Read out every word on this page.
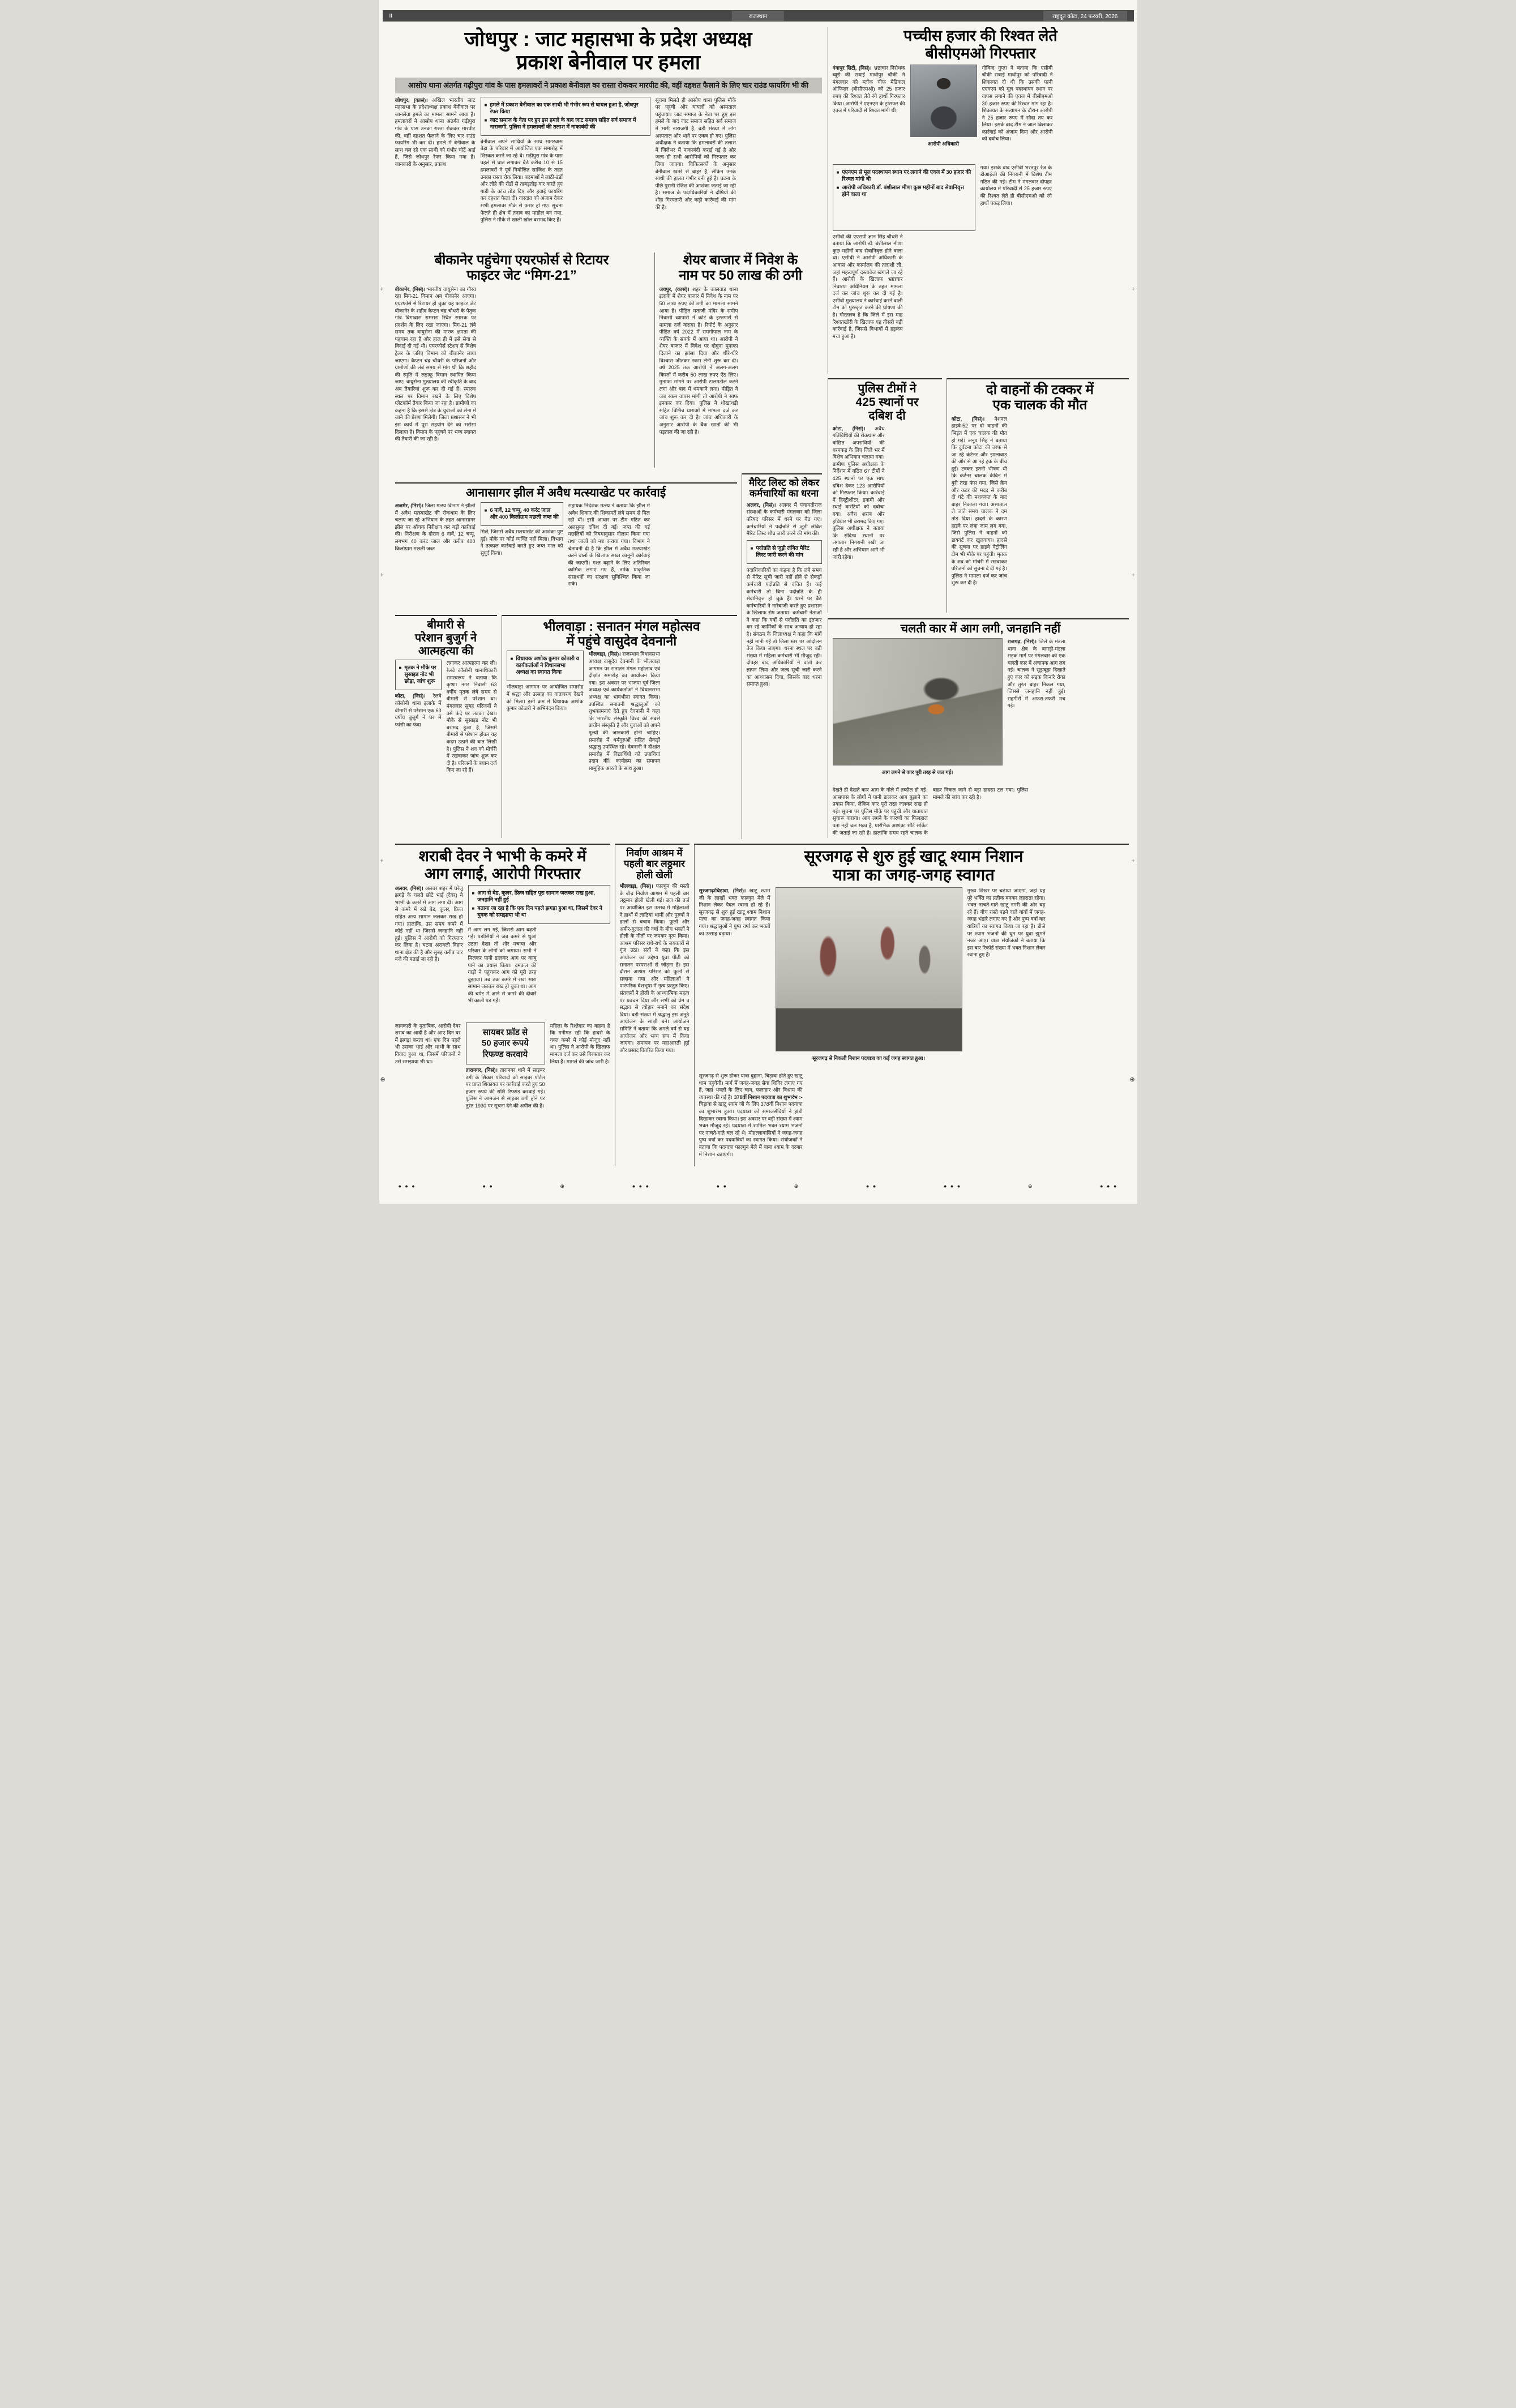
II	राजस्थान	राष्ट्रदूत कोटा, 24 फरवरी, 2026
जोधपुर : जाट महासभा के प्रदेश अध्यक्ष
प्रकाश बेनीवाल पर हमला
आसोप थाना अंतर्गत गढ़ीपुरा गांव के पास हमलावरों ने प्रकाश बेनीवाल का रास्ता रोककर मारपीट की, वहीं दहशत फैलाने के लिए चार राउंड फायरिंग भी की
जोधपुर, (कासं)। अखिल भारतीय जाट महासभा के प्रदेशाध्यक्ष प्रकाश बेनीवाल पर जानलेवा हमले का मामला सामने आया है। हमलावरों ने आसोप थाना अंतर्गत गढ़ीपुरा गांव के पास उनका रास्ता रोककर मारपीट की, वहीं दहशत फैलाने के लिए चार राउंड फायरिंग भी कर दी। हमले में बेनीवाल के साथ चल रहे एक साथी को गंभीर चोटें आई हैं, जिसे जोधपुर रेफर किया गया है। जानकारी के अनुसार, प्रकाश
■
हमले में प्रकाश बेनीवाल का एक साथी भी गंभीर रूप से घायल हुआ है, जोधपुर रेफर किया
■
जाट समाज के नेता पर हुए इस हमले के बाद जाट समाज सहित सर्व समाज में नाराजगी, पुलिस ने हमलावरों की तलाश में नाकाबंदी की
बेनीवाल अपने साथियों के साथ सागरवास बेड़ा के परिवार में आयोजित एक समारोह में शिरकत करने जा रहे थे। गढ़ीपुरा गांव के पास पहले से घात लगाकर बैठे करीब 10 से 15 हमलावरों ने पूर्व नियोजित साजिश के तहत उनका रास्ता रोक लिया। बदमाशों ने लाठी-डंडों और लोहे की रॉडों से ताबड़तोड़ वार करते हुए गाड़ी के कांच तोड़ दिए और हवाई फायरिंग कर दहशत फैला दी। वारदात को अंजाम देकर सभी हमलावर मौके से फरार हो गए। सूचना फैलते ही क्षेत्र में तनाव का माहौल बन गया, पुलिस ने मौके से खाली खोल बरामद किए हैं।
सूचना मिलते ही आसोप थाना पुलिस मौके पर पहुंची और घायलों को अस्पताल पहुंचाया। जाट समाज के नेता पर हुए इस हमले के बाद जाट समाज सहित सर्व समाज में भारी नाराजगी है, बड़ी संख्या में लोग अस्पताल और थाने पर एकत्र हो गए। पुलिस अधीक्षक ने बताया कि हमलावरों की तलाश में जिलेभर में नाकाबंदी कराई गई है और जल्द ही सभी आरोपियों को गिरफ्तार कर लिया जाएगा। चिकित्सकों के अनुसार बेनीवाल खतरे से बाहर हैं, लेकिन उनके साथी की हालत गंभीर बनी हुई है। घटना के पीछे पुरानी रंजिश की आशंका जताई जा रही है। समाज के पदाधिकारियों ने दोषियों की शीघ्र गिरफ्तारी और कड़ी कार्रवाई की मांग की है।
पच्चीस हजार की रिश्वत लेते
बीसीएमओ गिरफ्तार
गंगापुर सिटी, (निसं)। भ्रष्टाचार निरोधक ब्यूरो की सवाई माधोपुर चौकी ने मंगलवार को ब्लॉक चीफ मेडिकल ऑफिसर (बीसीएमओ) को 25 हजार रुपए की रिश्वत लेते रंगे हाथों गिरफ्तार किया। आरोपी ने एएनएम के ट्रांसफर की एवज में परिवादी से रिश्वत मांगी थी।
आरोपी अधिकारी
गोविन्द गुप्ता ने बताया कि एसीबी चौकी सवाई माधोपुर को परिवादी ने शिकायत दी थी कि उसकी पत्नी एएनएम को मूल पदस्थापन स्थान पर वापस लगाने की एवज में बीसीएमओ 30 हजार रुपए की रिश्वत मांग रहा है। शिकायत के सत्यापन के दौरान आरोपी ने 25 हजार रुपए में सौदा तय कर लिया। इसके बाद टीम ने जाल बिछाकर कार्रवाई को अंजाम दिया और आरोपी को दबोच लिया।
■
एएनएम से मूल पदस्थापन स्थान पर लगाने की एवज में 30 हजार की रिश्वत मांगी थी
■
आरोपी अधिकारी डॉ. बंशीलाल मीणा कुछ महीनों बाद सेवानिवृत्त होने वाला था
गया। इसके बाद एसीबी भरतपुर रेंज के डीआईजी की निगरानी में विशेष टीम गठित की गई। टीम ने मंगलवार दोपहर कार्यालय में परिवादी से 25 हजार रुपए की रिश्वत लेते ही बीसीएमओ को रंगे हाथों पकड़ लिया।
एसीबी की एएसपी ज्ञान सिंह चौधरी ने बताया कि आरोपी डॉ. बंशीलाल मीणा कुछ महीनों बाद सेवानिवृत्त होने वाला था। एसीबी ने आरोपी अधिकारी के आवास और कार्यालय की तलाशी ली, जहां महत्वपूर्ण दस्तावेज खंगाले जा रहे हैं। आरोपी के खिलाफ भ्रष्टाचार निवारण अधिनियम के तहत मामला दर्ज कर जांच शुरू कर दी गई है। एसीबी मुख्यालय ने कार्रवाई करने वाली टीम को पुरस्कृत करने की घोषणा की है। गौरतलब है कि जिले में इस माह रिश्वतखोरी के खिलाफ यह तीसरी बड़ी कार्रवाई है, जिससे विभागों में हड़कंप मचा हुआ है।
बीकानेर पहुंचेगा एयरफोर्स से रिटायर
फाइटर जेट “मिग-21”
बीकानेर, (निसं)। भारतीय वायुसेना का गौरव रहा मिग-21 विमान अब बीकानेर आएगा। एयरफोर्स से रिटायर हो चुका यह फाइटर जेट बीकानेर के शहीद कैप्टन चंद्र चौधरी के पैतृक गांव बिगावास रामसरा स्थित स्मारक पर प्रदर्शन के लिए रखा जाएगा। मिग-21 लंबे समय तक वायुसेना की मारक क्षमता की पहचान रहा है और हाल ही में इसे सेवा से विदाई दी गई थी। एयरफोर्स स्टेशन से विशेष ट्रेलर के जरिए विमान को बीकानेर लाया जाएगा। कैप्टन चंद्र चौधरी के परिजनों और ग्रामीणों की लंबे समय से मांग थी कि शहीद की स्मृति में लड़ाकू विमान स्थापित किया जाए। वायुसेना मुख्यालय की स्वीकृति के बाद अब तैयारियां शुरू कर दी गई हैं। स्मारक स्थल पर विमान रखने के लिए विशेष प्लेटफॉर्म तैयार किया जा रहा है। ग्रामीणों का कहना है कि इससे क्षेत्र के युवाओं को सेना में जाने की प्रेरणा मिलेगी। जिला प्रशासन ने भी इस कार्य में पूरा सहयोग देने का भरोसा दिलाया है। विमान के पहुंचने पर भव्य स्वागत की तैयारी की जा रही है।
शेयर बाजार में निवेश के
नाम पर 50 लाख की ठगी
जयपुर, (कासं)। शहर के कालवाड़ थाना इलाके में शेयर बाजार में निवेश के नाम पर 50 लाख रुपए की ठगी का मामला सामने आया है। पीड़ित मताजी मंदिर के समीप निवासी व्यापारी ने कोर्ट के इस्तगासे से मामला दर्ज कराया है। रिपोर्ट के अनुसार पीड़ित वर्ष 2022 में रामगोपाल नाम के व्यक्ति के संपर्क में आया था। आरोपी ने शेयर बाजार में निवेश पर दोगुना मुनाफा दिलाने का झांसा दिया और धीरे-धीरे विश्वास जीतकर रकम लेनी शुरू कर दी। वर्ष 2025 तक आरोपी ने अलग-अलग किस्तों में करीब 50 लाख रुपए ऐंठ लिए। मुनाफा मांगने पर आरोपी टालमटोल करने लगा और बाद में धमकाने लगा। पीड़ित ने जब रकम वापस मांगी तो आरोपी ने साफ इनकार कर दिया। पुलिस ने धोखाधड़ी सहित विभिन्न धाराओं में मामला दर्ज कर जांच शुरू कर दी है। जांच अधिकारी के अनुसार आरोपी के बैंक खातों की भी पड़ताल की जा रही है।
पुलिस टीमों ने
425 स्थानों पर
दबिश दी
कोटा, (निसं)। अवैध गतिविधियों की रोकथाम और वांछित अपराधियों की धरपकड़ के लिए जिले भर में विशेष अभियान चलाया गया। ग्रामीण पुलिस अधीक्षक के निर्देशन में गठित 67 टीमों ने 425 स्थानों पर एक साथ दबिश देकर 123 आरोपियों को गिरफ्तार किया। कार्रवाई में हिस्ट्रीशीटर, इनामी और स्थाई वारंटियों को दबोचा गया। अवैध शराब और हथियार भी बरामद किए गए। पुलिस अधीक्षक ने बताया कि संदिग्ध स्थानों पर लगातार निगरानी रखी जा रही है और अभियान आगे भी जारी रहेगा।
दो वाहनों की टक्कर में
एक चालक की मौत
कोटा, (निसं)। नेशनल हाइवे-52 पर दो वाहनों की भिड़ंत में एक चालक की मौत हो गई। अनूप सिंह ने बताया कि दुर्घटना कोटा की तरफ से जा रहे कंटेनर और झालावाड़ की ओर से आ रहे ट्रक के बीच हुई। टक्कर इतनी भीषण थी कि कंटेनर चालक केबिन में बुरी तरह फंस गया, जिसे क्रेन और कटर की मदद से करीब दो घंटे की मशक्कत के बाद बाहर निकाला गया। अस्पताल ले जाते समय चालक ने दम तोड़ दिया। हादसे के कारण हाइवे पर लंबा जाम लग गया, जिसे पुलिस ने वाहनों को डायवर्ट कर खुलवाया। हादसे की सूचना पर हाइवे पेट्रोलिंग टीम भी मौके पर पहुंची। मृतक के शव को मोर्चरी में रखवाकर परिजनों को सूचना दे दी गई है। पुलिस ने मामला दर्ज कर जांच शुरू कर दी है।
आनासागर झील में अवैध मत्स्याखेट पर कार्रवाई
अजमेर, (निसं)। जिला मत्स्य विभाग ने झीलों में अवैध मत्स्याखेट की रोकथाम के लिए चलाए जा रहे अभियान के तहत आनासागर झील पर औचक निरीक्षण कर बड़ी कार्रवाई की। निरीक्षण के दौरान 6 नावें, 12 चप्पू, लगभग 40 करंट जाल और करीब 400 किलोग्राम मछली जब्त
■
6 नावें, 12 चप्पू, 40 करंट जाल और 400 किलोग्राम मछली जब्त की
मिले, जिससे अवैध मत्स्याखेट की आशंका पुष्ट हुई। मौके पर कोई व्यक्ति नहीं मिला। विभाग ने तत्काल कार्रवाई करते हुए जब्त माल को सुपुर्द किया।
सहायक निदेशक मत्स्य ने बताया कि झील में अवैध शिकार की शिकायतें लंबे समय से मिल रही थीं। इसी आधार पर टीम गठित कर अलसुबह दबिश दी गई। जब्त की गई मछलियों को नियमानुसार नीलाम किया गया तथा जालों को नष्ट कराया गया। विभाग ने चेतावनी दी है कि झील में अवैध मत्स्याखेट करने वालों के खिलाफ सख्त कानूनी कार्रवाई की जाएगी। गश्त बढ़ाने के लिए अतिरिक्त कार्मिक लगाए गए हैं, ताकि प्राकृतिक संसाधनों का संरक्षण सुनिश्चित किया जा सके।
मैरिट लिस्ट को लेकर
कर्मचारियों का धरना
अलवर, (निसं)। अलवर में पंचायतीराज संस्थाओं के कर्मचारी मंगलवार को जिला परिषद परिसर में धरने पर बैठ गए। कर्मचारियों ने पदोन्नति से जुड़ी लंबित मैरिट लिस्ट शीघ्र जारी करने की मांग की।
■
पदोन्नति से जुड़ी लंबित मैरिट लिस्ट जारी करने की मांग
पदाधिकारियों का कहना है कि लंबे समय से मैरिट सूची जारी नहीं होने से सैकड़ों कर्मचारी पदोन्नति से वंचित हैं। कई कर्मचारी तो बिना पदोन्नति के ही सेवानिवृत्त हो चुके हैं। धरने पर बैठे कर्मचारियों ने नारेबाजी करते हुए प्रशासन के खिलाफ रोष जताया। कर्मचारी नेताओं ने कहा कि वर्षों से पदोन्नति का इंतजार कर रहे कार्मिकों के साथ अन्याय हो रहा है। संगठन के जिलाध्यक्ष ने कहा कि मांगें नहीं मानी गईं तो जिला स्तर पर आंदोलन तेज किया जाएगा। धरना स्थल पर बड़ी संख्या में महिला कर्मचारी भी मौजूद रहीं। दोपहर बाद अधिकारियों ने वार्ता कर ज्ञापन लिया और जल्द सूची जारी करने का आश्वासन दिया, जिसके बाद धरना समाप्त हुआ।
बीमारी से
परेशान बुजुर्ग ने
आत्महत्या की
■
मृतक ने मौके पर सुसाइड नोट भी छोड़ा, जांच शुरू
कोटा, (निसं)। रेलवे कॉलोनी थाना इलाके में बीमारी से परेशान एक 63 वर्षीय बुजुर्ग ने घर में फांसी का फंदा
लगाकर आत्महत्या कर ली। रेलवे कॉलोनी थानाधिकारी रामस्वरूप ने बताया कि कृष्णा नगर निवासी 63 वर्षीय मृतक लंबे समय से बीमारी से परेशान था। मंगलवार सुबह परिजनों ने उसे फंदे पर लटका देखा। मौके से सुसाइड नोट भी बरामद हुआ है, जिसमें बीमारी से परेशान होकर यह कदम उठाने की बात लिखी है। पुलिस ने शव को मोर्चरी में रखवाकर जांच शुरू कर दी है। परिजनों के बयान दर्ज किए जा रहे हैं।
भीलवाड़ा : सनातन मंगल महोत्सव
में पहुंचे वासुदेव देवनानी
■
विधायक अशोक कुमार कोठारी व कार्यकर्ताओं ने विधानसभा अध्यक्ष का स्वागत किया
भीलवाड़ा आगमन पर आयोजित समारोह में श्रद्धा और उत्साह का वातावरण देखने को मिला। इसी क्रम में विधायक अशोक कुमार कोठारी ने अभिनंदन किया।
भीलवाड़ा, (निसं)। राजस्थान विधानसभा अध्यक्ष वासुदेव देवनानी के भीलवाड़ा आगमन पर सनातन मंगल महोत्सव एवं दीक्षांत समारोह का आयोजन किया गया। इस अवसर पर भाजपा पूर्व जिला अध्यक्ष एवं कार्यकर्ताओं ने विधानसभा अध्यक्ष का भावभीना स्वागत किया। उपस्थित सनातनी श्रद्धालुओं को शुभकामनाएं देते हुए देवनानी ने कहा कि भारतीय संस्कृति विश्व की सबसे प्राचीन संस्कृति है और युवाओं को अपने मूल्यों की जानकारी होनी चाहिए। समारोह में धर्मगुरुओं सहित सैकड़ों श्रद्धालु उपस्थित रहे। देवनानी ने दीक्षांत समारोह में विद्यार्थियों को उपाधियां प्रदान कीं। कार्यक्रम का समापन सामूहिक आरती के साथ हुआ।
चलती कार में आग लगी, जनहानि नहीं
आग लगने से कार पूरी तरह से जल गई।
राजगढ़, (निसं)। जिले के मंडला थाना क्षेत्र के बागड़ी-मंडला सड़क मार्ग पर मंगलवार को एक चलती कार में अचानक आग लग गई। चालक ने सूझबूझ दिखाते हुए कार को सड़क किनारे रोका और तुरंत बाहर निकल गया, जिससे जनहानि नहीं हुई। राहगीरों में अफरा-तफरी मच गई।
देखते ही देखते कार आग के गोले में तब्दील हो गई। आसपास के लोगों ने पानी डालकर आग बुझाने का प्रयास किया, लेकिन कार पूरी तरह जलकर राख हो गई। सूचना पर पुलिस मौके पर पहुंची और यातायात सुचारू कराया। आग लगने के कारणों का फिलहाल पता नहीं चल सका है, प्रारंभिक आशंका शॉर्ट सर्किट की जताई जा रही है। हालांकि समय रहते चालक के बाहर निकल जाने से बड़ा हादसा टल गया। पुलिस मामले की जांच कर रही है।
शराबी देवर ने भाभी के कमरे में
आग लगाई, आरोपी गिरफ्तार
अलवर, (निसं)। अलवर शहर में घरेलू झगड़े के चलते छोटे भाई (देवर) ने भाभी के कमरे में आग लगा दी। आग से कमरे में रखे बेड, कूलर, फ्रिज सहित अन्य सामान जलकर राख हो गया। हालांकि, उस समय कमरे में कोई नहीं था जिससे जनहानि नहीं हुई। पुलिस ने आरोपी को गिरफ्तार कर लिया है। घटना अरावली विहार थाना क्षेत्र की है और सुबह करीब चार बजे की बताई जा रही है।
■
आग से बेड, कूलर, फ्रिज सहित पूरा सामान जलकर राख हुआ, जनहानि नहीं हुई
■
बताया जा रहा है कि एक दिन पहले झगड़ा हुआ था, जिसमें देवर ने युवक को समझाया भी था
में आग लग गई, जिससे आग बढ़ती गई। पड़ोसियों ने जब कमरे से धुआं उठता देखा तो शोर मचाया और परिवार के लोगों को जगाया। सभी ने मिलकर पानी डालकर आग पर काबू पाने का प्रयास किया। दमकल की गाड़ी ने पहुंचकर आग को पूरी तरह बुझाया। तब तक कमरे में रखा सारा सामान जलकर राख हो चुका था। आग की चपेट में आने से कमरे की दीवारें भी काली पड़ गईं।
जानकारी के मुताबिक, आरोपी देवर शराब का आदी है और आए दिन घर में झगड़ा करता था। एक दिन पहले भी उसका भाई और भाभी के साथ विवाद हुआ था, जिसमें परिजनों ने उसे समझाया भी था।
सायबर फ्रॉड से
50 हजार रूपये
रिफण्ड करवाये
तारानगर, (निसं)। तारानगर थाने में साइबर ठगी के शिकार परिवादी को साइबर पोर्टल पर प्राप्त शिकायत पर कार्रवाई करते हुए 50 हजार रुपये की राशि रिफण्ड करवाई गई। पुलिस ने आमजन से साइबर ठगी होने पर तुरंत 1930 पर सूचना देने की अपील की है।
महिला के रिश्तेदार का कहना है कि गनीमत रही कि हादसे के वक्त कमरे में कोई मौजूद नहीं था। पुलिस ने आरोपी के खिलाफ मामला दर्ज कर उसे गिरफ्तार कर लिया है। मामले की जांच जारी है।
निर्वाण आश्रम में
पहली बार लठ्ठमार
होली खेली
भीलवाड़ा, (निसं)। फाल्गुन की मस्ती के बीच निर्वाण आश्रम में पहली बार लठ्ठमार होली खेली गई। ब्रज की तर्ज पर आयोजित इस उत्सव में महिलाओं ने हाथों में लाठियां थामीं और पुरुषों ने ढालों से बचाव किया। फूलों और अबीर-गुलाल की वर्षा के बीच भक्तों ने होली के गीतों पर जमकर नृत्य किया। आश्रम परिसर राधे-राधे के जयकारों से गूंज उठा। संतों ने कहा कि इस आयोजन का उद्देश्य युवा पीढ़ी को सनातन परंपराओं से जोड़ना है। इस दौरान आश्रम परिसर को फूलों से सजाया गया और महिलाओं ने पारंपरिक वेशभूषा में नृत्य प्रस्तुत किए। संतजनों ने होली के आध्यात्मिक महत्व पर प्रवचन दिया और सभी को प्रेम व सद्भाव से त्योहार मनाने का संदेश दिया। बड़ी संख्या में श्रद्धालु इस अनूठे आयोजन के साक्षी बने। आयोजन समिति ने बताया कि अगले वर्ष से यह आयोजन और भव्य रूप में किया जाएगा। समापन पर महाआरती हुई और प्रसाद वितरित किया गया।
सूरजगढ़ से शुरु हुई खाटू श्याम निशान
यात्रा का जगह-जगह स्वागत
सूरजगढ़/चिड़ावा, (निसं)। खाटू श्याम जी के लाखों भक्त फाल्गुन मेले में निशान लेकर पैदल रवाना हो रहे हैं। सूरजगढ़ से शुरु हुई खाटू श्याम निशान यात्रा का जगह-जगह स्वागत किया गया। श्रद्धालुओं ने पुष्प वर्षा कर भक्तों का उत्साह बढ़ाया।
सूरजगढ़ से निकली निशान पदयात्रा का कई जगह स्वागत हुआ।
मुख्य शिखर पर चढ़ाया जाएगा, जहां यह पूरे भक्ति का प्रतीक बनकर लहराता रहेगा। भक्त नाचते-गाते खाटू नगरी की ओर बढ़ रहे हैं। बीच रास्ते पड़ने वाले गांवों में जगह-जगह भंडारे लगाए गए हैं और पुष्प वर्षा कर यात्रियों का स्वागत किया जा रहा है। डीजे पर श्याम भजनों की धुन पर युवा झूमते नजर आए। यात्रा संयोजकों ने बताया कि इस बार रिकॉर्ड संख्या में भक्त निशान लेकर रवाना हुए हैं।
सूरजगढ़ से शुरू होकर यात्रा बुहाना, चिड़ावा होते हुए खाटू धाम पहुंचेगी। मार्ग में जगह-जगह सेवा शिविर लगाए गए हैं, जहां भक्तों के लिए चाय, फलाहार और विश्राम की व्यवस्था की गई है। 378वीं निशान पदयात्रा का शुभारंभ :- चिड़ावा से खाटू श्याम जी के लिए 378वीं निशान पदयात्रा का शुभारंभ हुआ। पदयात्रा को समाजसेवियों ने झंडी दिखाकर रवाना किया। इस अवसर पर बड़ी संख्या में श्याम भक्त मौजूद रहे। पदयात्रा में शामिल भक्त श्याम भजनों पर नाचते-गाते चल रहे थे। मोहल्लावासियों ने जगह-जगह पुष्प वर्षा कर पदयात्रियों का स्वागत किया। संयोजकों ने बताया कि पदयात्रा फाल्गुन मेले में बाबा श्याम के दरबार में निशान चढ़ाएगी।
+
+
+
+
+
+
⊕	⊕
● ● ●	● ●	⊕	● ● ●	● ●	⊕	● ●	● ● ●	⊕	● ● ●
